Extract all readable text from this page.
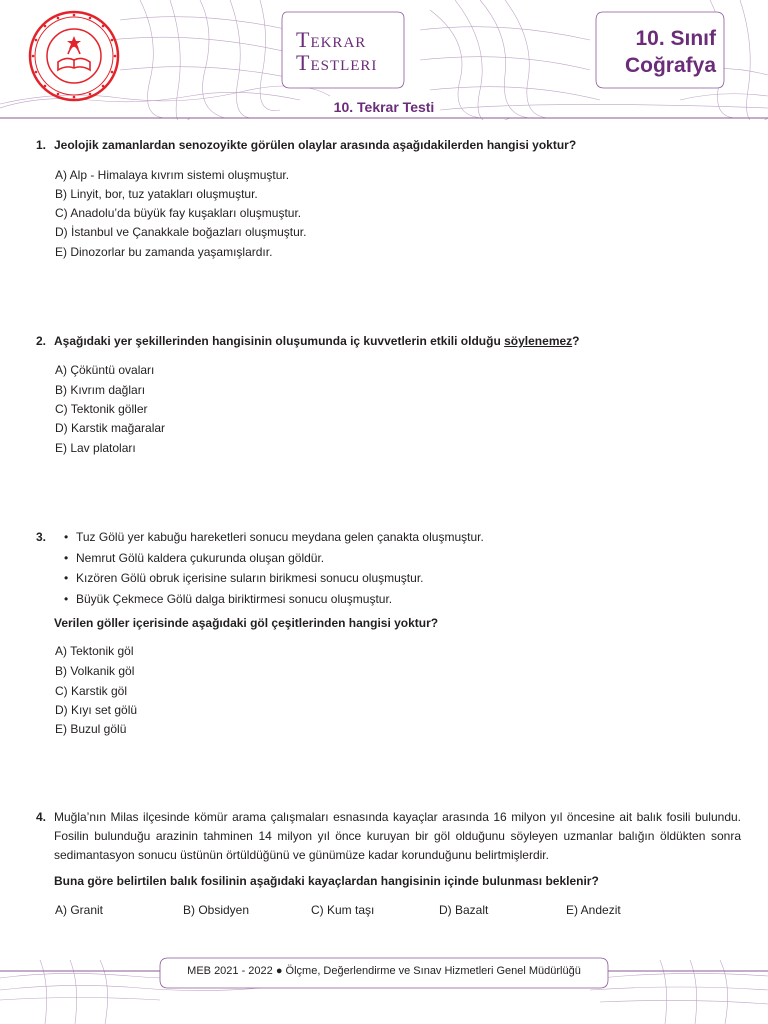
Tekrar
Testleri
10. Sınıf
Coğrafya
10. Tekrar Testi
1. Jeolojik zamanlardan senozoyikte görülen olaylar arasında aşağıdakilerden hangisi yoktur?
A) Alp - Himalaya kıvrım sistemi oluşmuştur.
B) Linyit, bor, tuz yatakları oluşmuştur.
C) Anadolu’da büyük fay kuşakları oluşmuştur.
D) İstanbul ve Çanakkale boğazları oluşmuştur.
E) Dinozorlar bu zamanda yaşamışlardır.
2. Aşağıdaki yer şekillerinden hangisinin oluşumunda iç kuvvetlerin etkili olduğu söylenemez?
A) Çöküntü ovaları
B) Kıvrım dağları
C) Tektonik göller
D) Karstik mağaralar
E) Lav platoları
3.
• Tuz Gölü yer kabuğu hareketleri sonucu meydana gelen çanakta oluşmuştur.
• Nemrut Gölü kaldera çukurunda oluşan göldür.
• Kızören Gölü obruk içerisine suların birikmesi sonucu oluşmuştur.
• Büyük Çekmece Gölü dalga biriktirmesi sonucu oluşmuştur.
Verilen göller içerisinde aşağıdaki göl çeşitlerinden hangisi yoktur?
A) Tektonik göl
B) Volkanik göl
C) Karstik göl
D) Kıyı set gölü
E) Buzul gölü
4. Muğla’nın Milas ilçesinde kömür arama çalışmaları esnasında kayaçlar arasında 16 milyon yıl öncesine ait balık fosili bulundu. Fosilin bulunduğu arazinin tahminen 14 milyon yıl önce kuruyan bir göl olduğunu söyleyen uzmanlar balığın öldükten sonra sedimantasyon sonucu üstünün örtüldüğünü ve günümüze kadar korunduğunu belirtmişlerdir.
Buna göre belirtilen balık fosilinin aşağıdaki kayaçlardan hangisinin içinde bulunması beklenir?
A) Granit	B) Obsidyen	C) Kum taşı	D) Bazalt	E) Andezit
MEB 2021 - 2022 ● Ölçme, Değerlendirme ve Sınav Hizmetleri Genel Müdürlüğü
